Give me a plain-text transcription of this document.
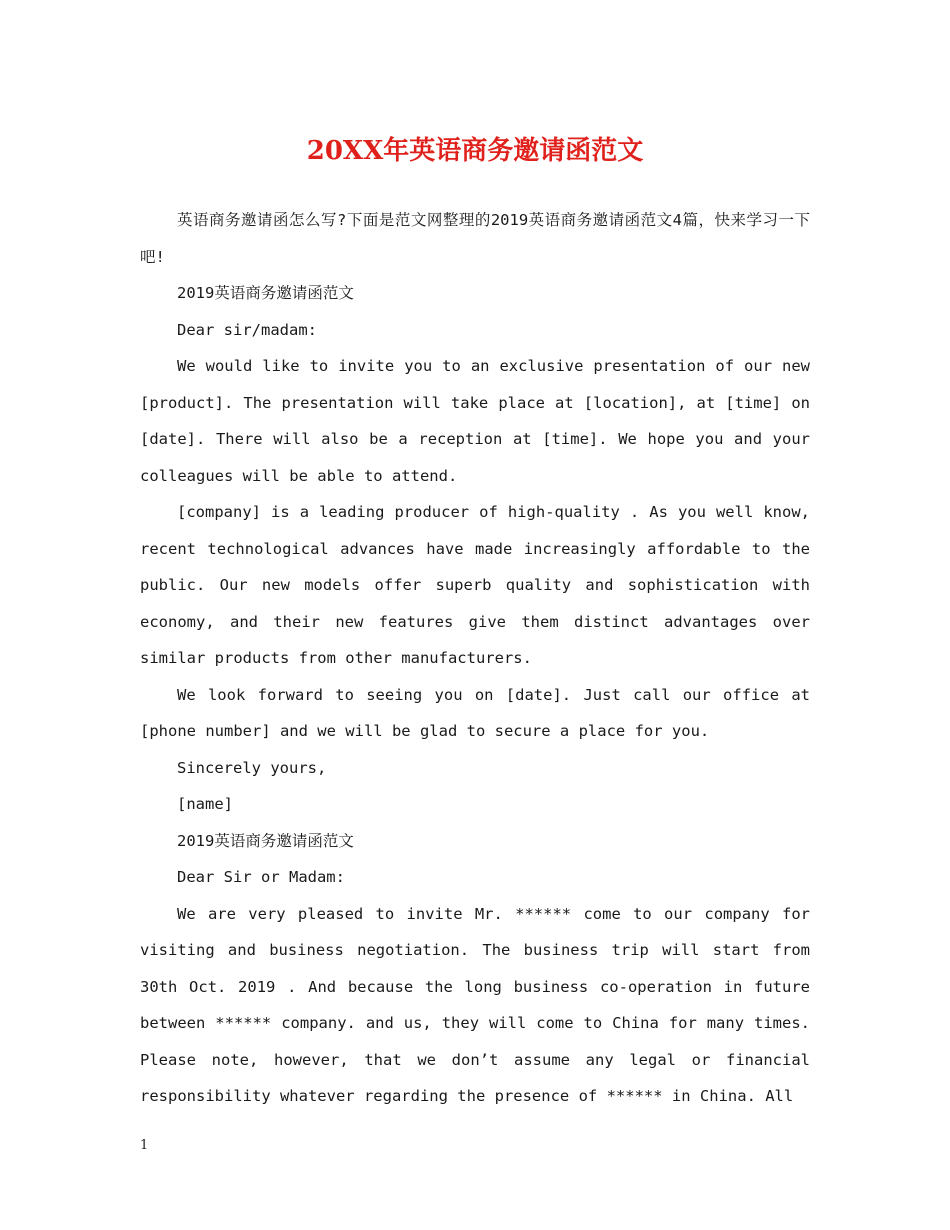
20XX年英语商务邀请函范文

英语商务邀请函怎么写?下面是范文网整理的2019英语商务邀请函范文4篇，快来学习一下吧!

2019英语商务邀请函范文

Dear sir/madam:

We would like to invite you to an exclusive presentation of our new [product]. The presentation will take place at [location], at [time] on [date]. There will also be a reception at [time]. We hope you and your colleagues will be able to attend.

[company] is a leading producer of high-quality . As you well know, recent technological advances have made increasingly affordable to the public. Our new models offer superb quality and sophistication with economy, and their new features give them distinct advantages over similar products from other manufacturers.

We look forward to seeing you on [date]. Just call our office at [phone number] and we will be glad to secure a place for you.

Sincerely yours,

[name]

2019英语商务邀请函范文

Dear Sir or Madam:

We are very pleased to invite Mr. ****** come to our company for visiting and business negotiation. The business trip will start from 30th Oct. 2019 . And because the long business co-operation in future between ****** company. and us, they will come to China for many times. Please note, however, that we don’t assume any legal or financial responsibility whatever regarding the presence of ****** in China. All

1
